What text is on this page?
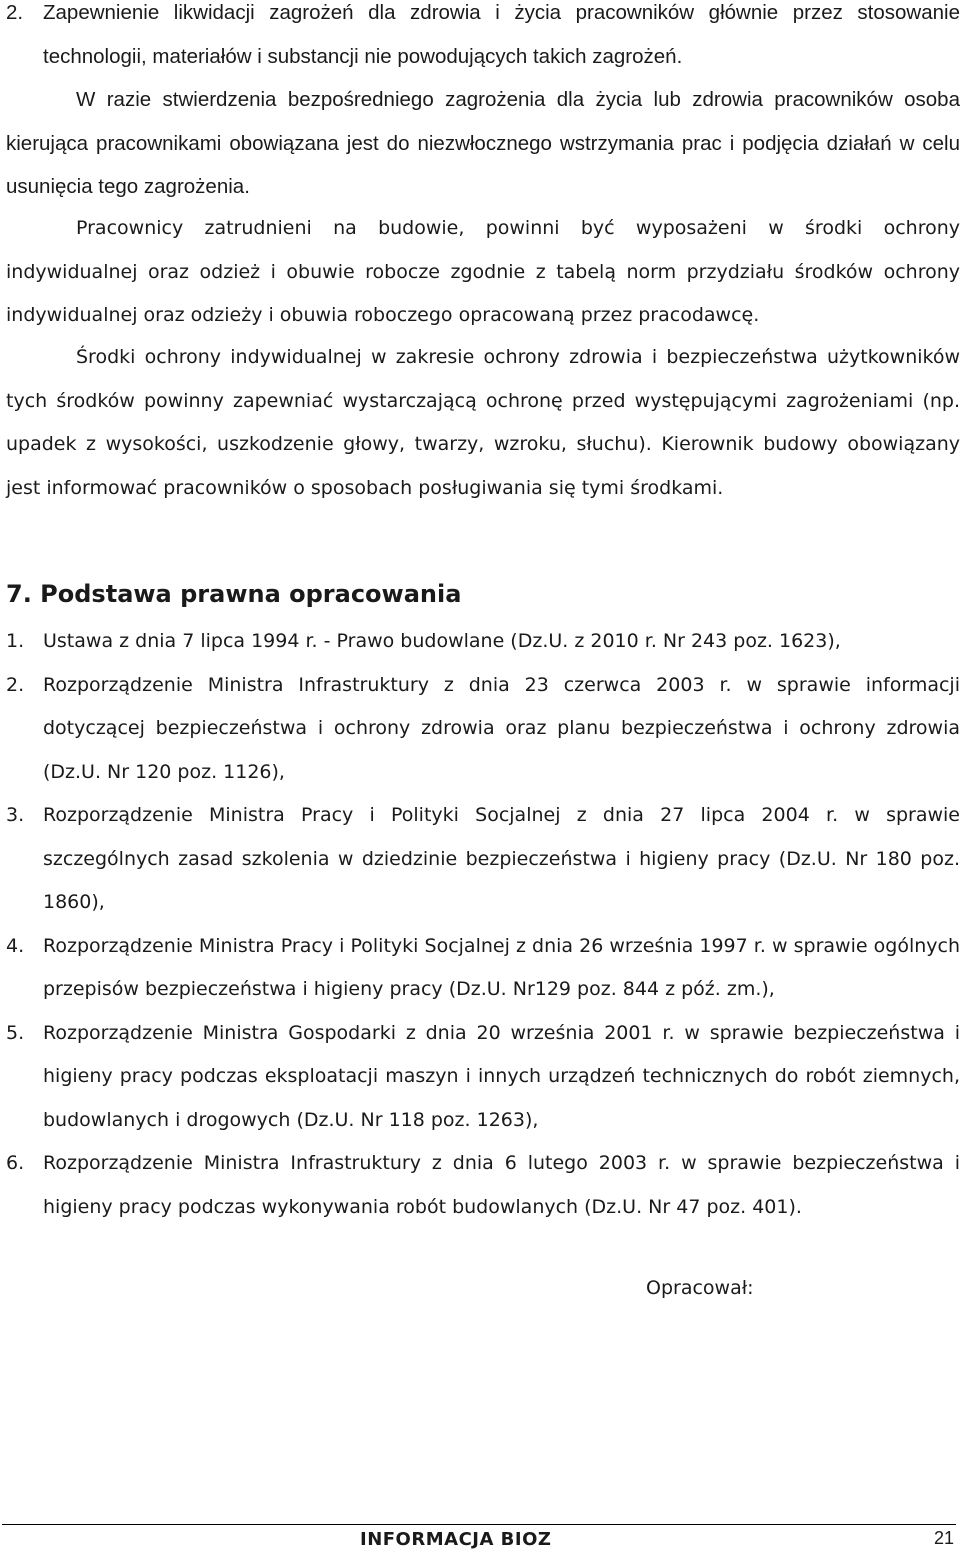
2. Zapewnienie likwidacji zagrożeń dla zdrowia i życia pracowników głównie przez stosowanie technologii, materiałów i substancji nie powodujących takich zagrożeń.

W razie stwierdzenia bezpośredniego zagrożenia dla życia lub zdrowia pracowników osoba kierująca pracownikami obowiązana jest do niezwłocznego wstrzymania prac i podjęcia działań w celu usunięcia tego zagrożenia.

Pracownicy zatrudnieni na budowie, powinni być wyposażeni w środki ochrony indywidualnej oraz odzież i obuwie robocze zgodnie z tabelą norm przydziału środków ochrony indywidualnej oraz odzieży i obuwia roboczego opracowaną przez pracodawcę.

Środki ochrony indywidualnej w zakresie ochrony zdrowia i bezpieczeństwa użytkowników tych środków powinny zapewniać wystarczającą ochronę przed występującymi zagrożeniami (np. upadek z wysokości, uszkodzenie głowy, twarzy, wzroku, słuchu). Kierownik budowy obowiązany jest informować pracowników o sposobach posługiwania się tymi środkami.

7. Podstawa prawna opracowania
1. Ustawa z dnia 7 lipca 1994 r. - Prawo budowlane (Dz.U. z 2010 r. Nr 243 poz. 1623),
2. Rozporządzenie Ministra Infrastruktury z dnia 23 czerwca 2003 r. w sprawie informacji dotyczącej bezpieczeństwa i ochrony zdrowia oraz planu bezpieczeństwa i ochrony zdrowia (Dz.U. Nr 120 poz. 1126),
3. Rozporządzenie Ministra Pracy i Polityki Socjalnej z dnia 27 lipca 2004 r. w sprawie szczególnych zasad szkolenia w dziedzinie bezpieczeństwa i higieny pracy (Dz.U. Nr 180 poz. 1860),
4. Rozporządzenie Ministra Pracy i Polityki Socjalnej z dnia 26 września 1997 r. w sprawie ogólnych przepisów bezpieczeństwa i higieny pracy (Dz.U. Nr129 poz. 844 z póź. zm.),
5. Rozporządzenie Ministra Gospodarki z dnia 20 września 2001 r. w sprawie bezpieczeństwa i higieny pracy podczas eksploatacji maszyn i innych urządzeń technicznych do robót ziemnych, budowlanych i drogowych (Dz.U. Nr 118 poz. 1263),
6. Rozporządzenie Ministra Infrastruktury z dnia 6 lutego 2003 r. w sprawie bezpieczeństwa i higieny pracy podczas wykonywania robót budowlanych (Dz.U. Nr 47 poz. 401).
Opracował:
INFORMACJA BIOZ	21
